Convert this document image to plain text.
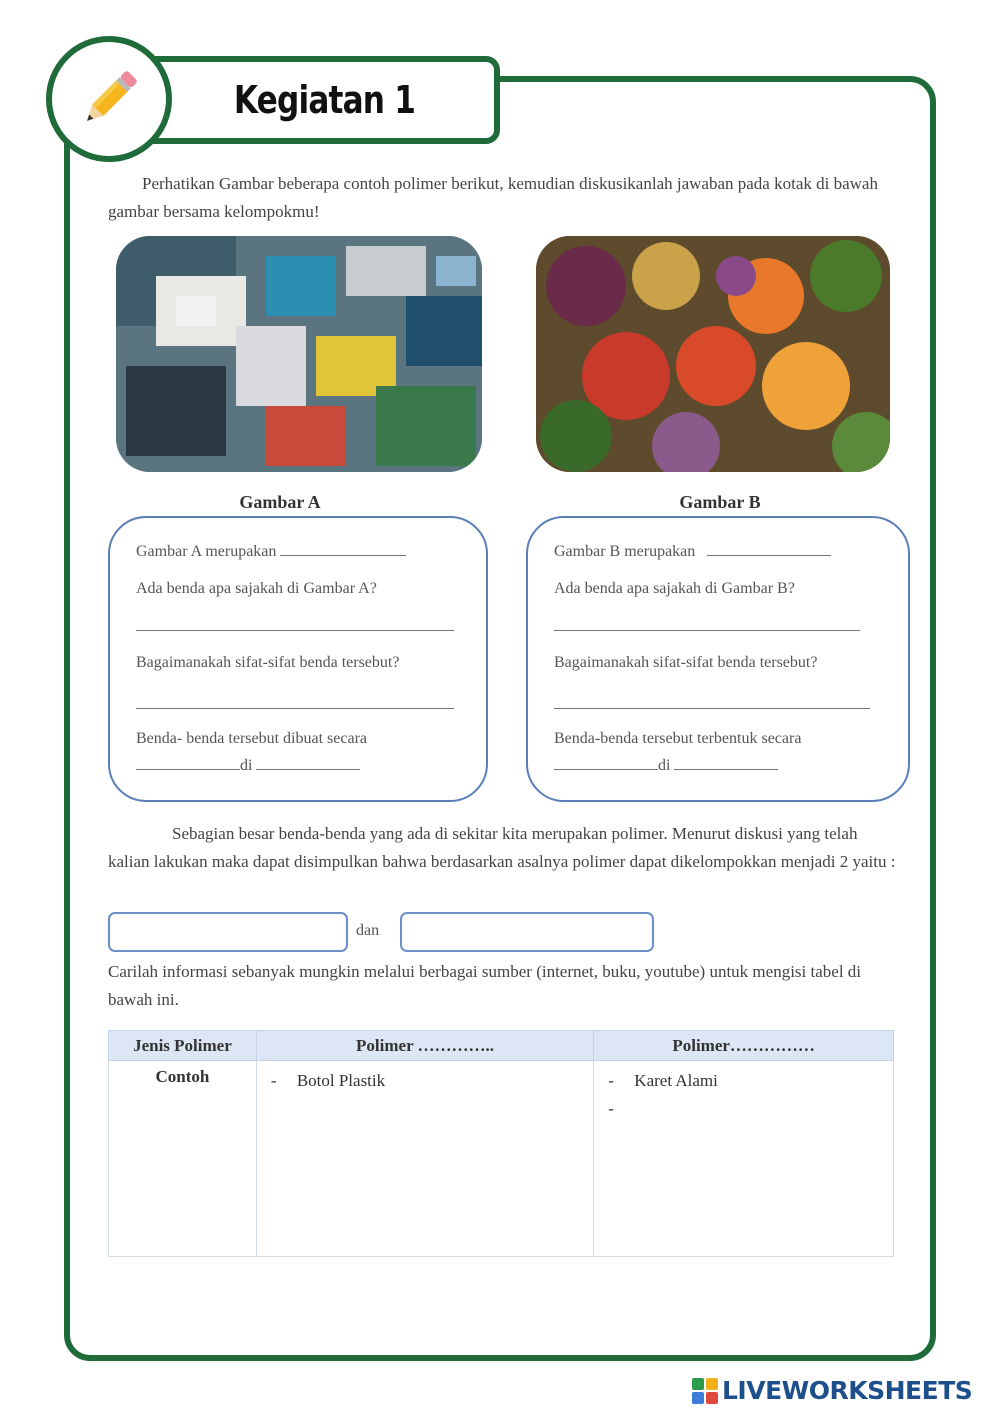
Kegiatan 1

Perhatikan Gambar beberapa contoh polimer berikut, kemudian diskusikanlah jawaban pada kotak di bawah gambar bersama kelompokmu!

Gambar A	Gambar B
Gambar A merupakan
Ada benda apa sajakah di Gambar A?
Bagaimanakah sifat-sifat benda tersebut?
Benda- benda tersebut dibuat secara
di
Gambar B merupakan
Ada benda apa sajakah di Gambar B?
Bagaimanakah sifat-sifat benda tersebut?
Benda-benda tersebut terbentuk secara
di

Sebagian besar benda-benda yang ada di sekitar kita merupakan polimer. Menurut diskusi yang telah kalian lakukan maka dapat disimpulkan bahwa berdasarkan asalnya polimer dapat dikelompokkan menjadi 2 yaitu :

dan

Carilah informasi sebanyak mungkin melalui berbagai sumber (internet, buku, youtube) untuk mengisi tabel di bawah ini.

Jenis Polimer	Polimer …………..	Polimer……………
Contoh	- Botol Plastik	- Karet Alami
-
LIVEWORKSHEETS
